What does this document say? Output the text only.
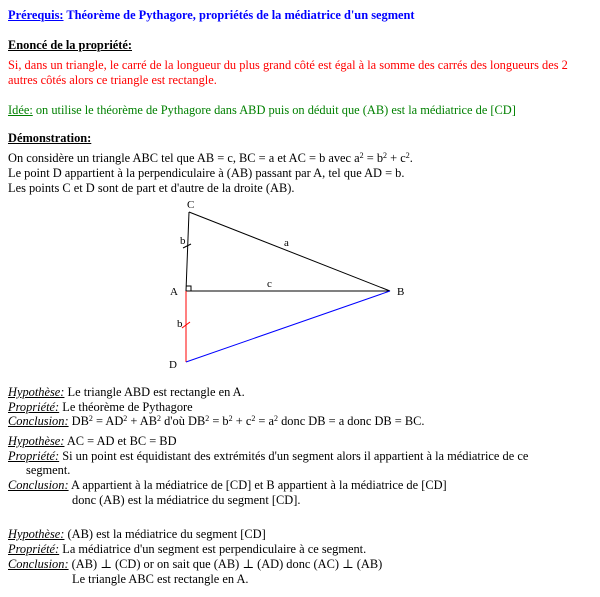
Prérequis: Théorème de Pythagore, propriétés de la médiatrice d'un segment
Enoncé de la propriété:
Si, dans un triangle, le carré de la longueur du plus grand côté est égal à la somme des carrés des longueurs des 2
autres côtés alors ce triangle est rectangle.
Idée: on utilise le théorème de Pythagore dans ABD puis on déduit que (AB) est la médiatrice de [CD]
Démonstration:
On considère un triangle ABC tel que AB = c, BC = a et AC = b avec $a^2 = b^2 + c^2$.
Le point D appartient à la perpendiculaire à (AB) passant par A, tel que AD = b.
Les points C et D sont de part et d'autre de la droite (AB).
C
A	B
D
a
b
b
c
Hypothèse: Le triangle ABD est rectangle en A.
Propriété: Le théorème de Pythagore
Conclusion: $DB^2 = AD^2 + AB^2$ d'où $DB^2 = b^2 + c^2 = a^2$ donc DB = a donc DB = BC.
Hypothèse: AC = AD et BC = BD
Propriété: Si un point est équidistant des extrémités d'un segment alors il appartient à la médiatrice de ce
segment.
Conclusion: A appartient à la médiatrice de [CD] et B appartient à la médiatrice de [CD]
donc (AB) est la médiatrice du segment [CD].
Hypothèse: (AB) est la médiatrice du segment [CD]
Propriété: La médiatrice d'un segment est perpendiculaire à ce segment.
Conclusion: (AB) ⊥ (CD) or on sait que (AB) ⊥ (AD) donc (AC) ⊥ (AB)
Le triangle ABC est rectangle en A.
